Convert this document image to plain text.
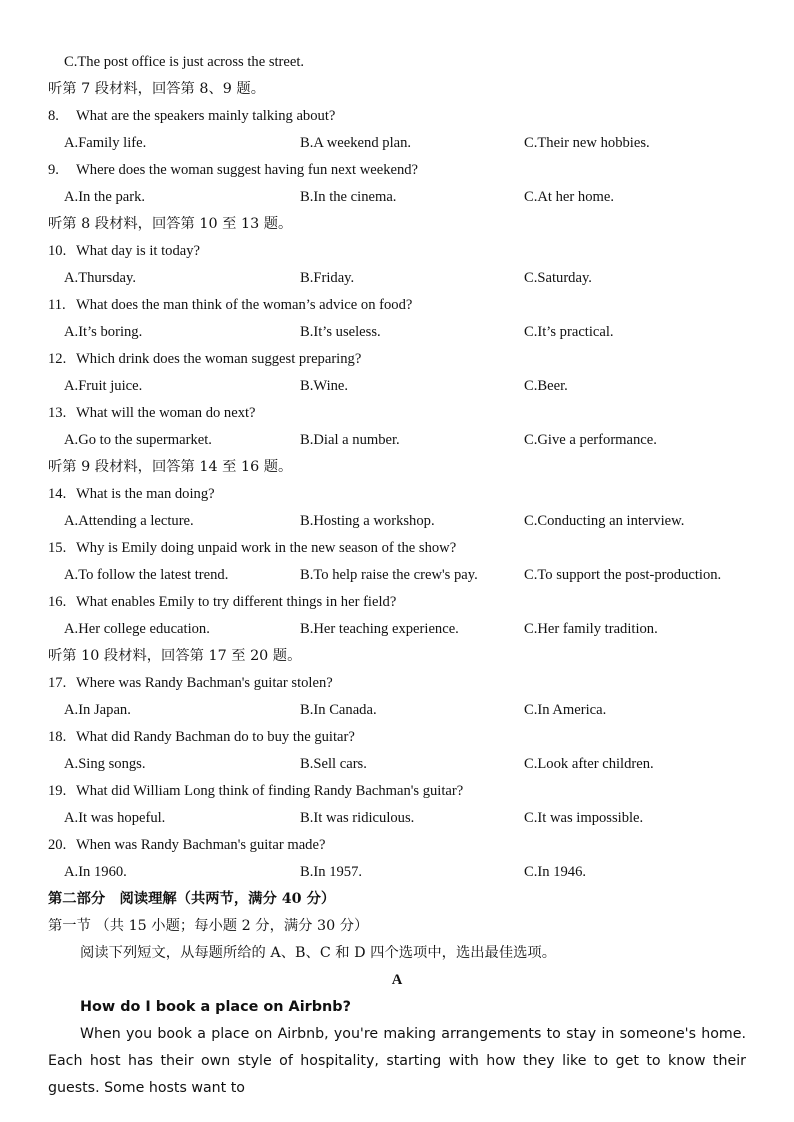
C.The post office is just across the street.
听第 7 段材料，回答第 8、9 题。
8.	What are the speakers mainly talking about?
A.Family life.	B.A weekend plan.	C.Their new hobbies.
9.	Where does the woman suggest having fun next weekend?
A.In the park.	B.In the cinema.	C.At her home.
听第 8 段材料，回答第 10 至 13 题。
10. What day is it today?
A.Thursday.	B.Friday.	C.Saturday.
11. What does the man think of the woman’s advice on food?
A.It’s boring.	B.It’s useless.	C.It’s practical.
12. Which drink does the woman suggest preparing?
A.Fruit juice.	B.Wine.	C.Beer.
13. What will the woman do next?
A.Go to the supermarket.	B.Dial a number.	C.Give a performance.
听第 9 段材料，回答第 14 至 16 题。
14. What is the man doing?
A.Attending a lecture.	B.Hosting a workshop.	C.Conducting an interview.
15. Why is Emily doing unpaid work in the new season of the show?
A.To follow the latest trend.	B.To help raise the crew's pay.	C.To support the post-production.
16. What enables Emily to try different things in her field?
A.Her college education.	B.Her teaching experience.	C.Her family tradition.
听第 10 段材料，回答第 17 至 20 题。
17. Where was Randy Bachman's guitar stolen?
A.In Japan.	B.In Canada.	C.In America.
18. What did Randy Bachman do to buy the guitar?
A.Sing songs.	B.Sell cars.	C.Look after children.
19. What did William Long think of finding Randy Bachman's guitar?
A.It was hopeful.	B.It was ridiculous.	C.It was impossible.
20. When was Randy Bachman's guitar made?
A.In 1960.	B.In 1957.	C.In 1946.
第二部分　阅读理解（共两节，满分 40 分）
第一节 （共 15 小题；每小题 2 分，满分 30 分）
阅读下列短文，从每题所给的 A、B、C 和 D 四个选项中，选出最佳选项。
A
How do I book a place on Airbnb?
When you book a place on Airbnb, you're making arrangements to stay in someone's home. Each host has their own style of hospitality, starting with how they like to get to know their guests. Some hosts want to
